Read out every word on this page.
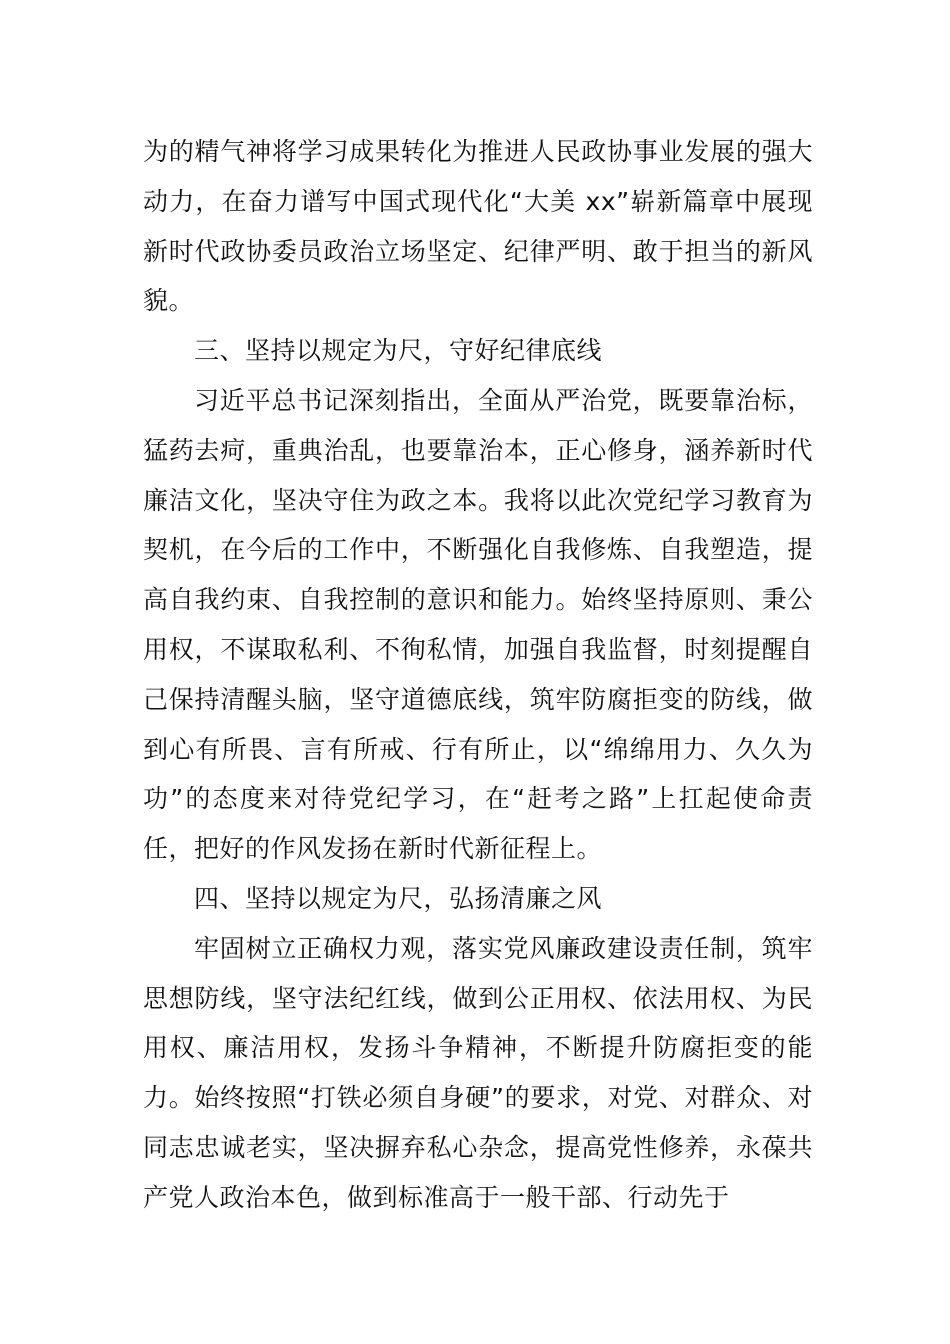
为的精气神将学习成果转化为推进人民政协事业发展的强大动力，在奋力谱写中国式现代化“大美 xx”崭新篇章中展现新时代政协委员政治立场坚定、纪律严明、敢于担当的新风貌。

三、坚持以规定为尺，守好纪律底线

习近平总书记深刻指出，全面从严治党，既要靠治标，猛药去疴，重典治乱，也要靠治本，正心修身，涵养新时代廉洁文化，坚决守住为政之本。我将以此次党纪学习教育为契机，在今后的工作中，不断强化自我修炼、自我塑造，提高自我约束、自我控制的意识和能力。始终坚持原则、秉公用权，不谋取私利、不徇私情，加强自我监督，时刻提醒自己保持清醒头脑，坚守道德底线，筑牢防腐拒变的防线，做到心有所畏、言有所戒、行有所止，以“绵绵用力、久久为功”的态度来对待党纪学习，在“赶考之路”上扛起使命责任，把好的作风发扬在新时代新征程上。

四、坚持以规定为尺，弘扬清廉之风

牢固树立正确权力观，落实党风廉政建设责任制，筑牢思想防线，坚守法纪红线，做到公正用权、依法用权、为民用权、廉洁用权，发扬斗争精神，不断提升防腐拒变的能力。始终按照“打铁必须自身硬”的要求，对党、对群众、对同志忠诚老实，坚决摒弃私心杂念，提高党性修养，永葆共产党人政治本色，做到标准高于一般干部、行动先于
